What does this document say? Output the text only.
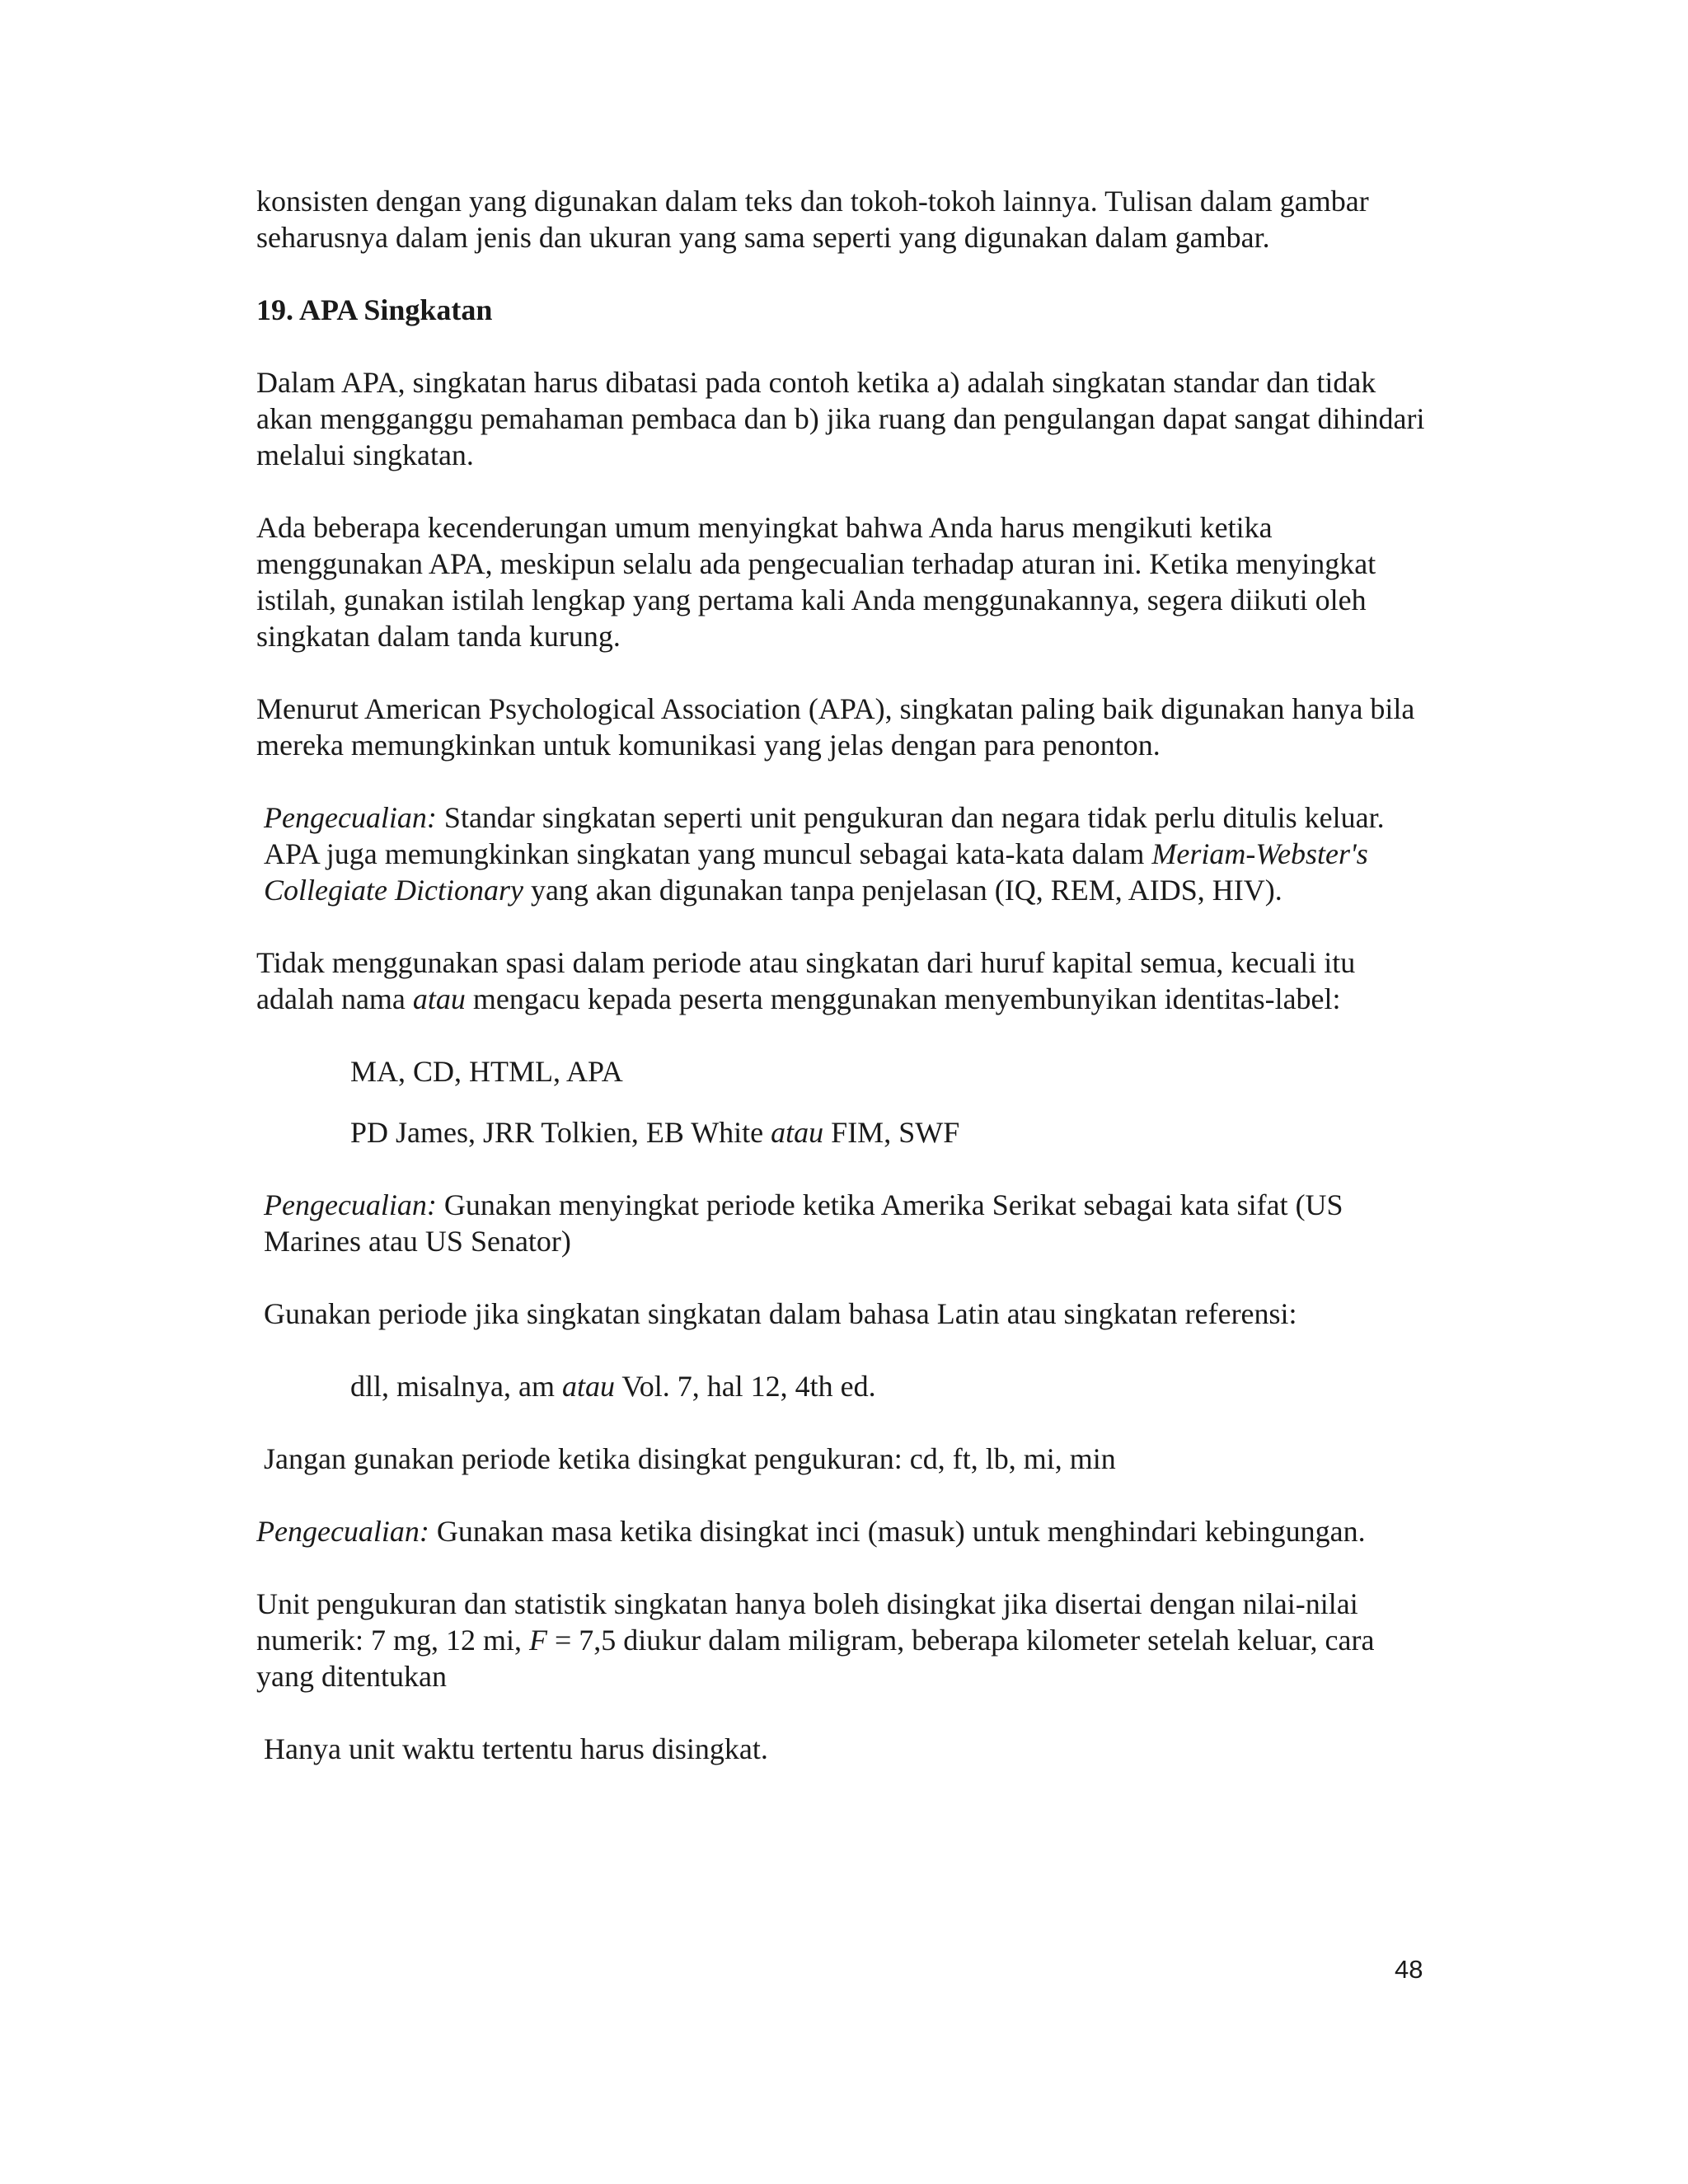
konsisten dengan yang digunakan dalam teks dan tokoh-tokoh lainnya. Tulisan dalam gambar seharusnya dalam jenis dan ukuran yang sama seperti yang digunakan dalam gambar.

19. APA Singkatan

Dalam APA, singkatan harus dibatasi pada contoh ketika a) adalah singkatan standar dan tidak akan mengganggu pemahaman pembaca dan b) jika ruang dan pengulangan dapat sangat dihindari melalui singkatan.

Ada beberapa kecenderungan umum menyingkat bahwa Anda harus mengikuti ketika menggunakan APA, meskipun selalu ada pengecualian terhadap aturan ini. Ketika menyingkat istilah, gunakan istilah lengkap yang pertama kali Anda menggunakannya, segera diikuti oleh singkatan dalam tanda kurung.

Menurut American Psychological Association (APA), singkatan paling baik digunakan hanya bila mereka memungkinkan untuk komunikasi yang jelas dengan para penonton.

Pengecualian: Standar singkatan seperti unit pengukuran dan negara tidak perlu ditulis keluar. APA juga memungkinkan singkatan yang muncul sebagai kata-kata dalam Meriam-Webster's Collegiate Dictionary yang akan digunakan tanpa penjelasan (IQ, REM, AIDS, HIV).

Tidak menggunakan spasi dalam periode atau singkatan dari huruf kapital semua, kecuali itu adalah nama atau mengacu kepada peserta menggunakan menyembunyikan identitas-label:

MA, CD, HTML, APA

PD James, JRR Tolkien, EB White atau FIM, SWF

Pengecualian: Gunakan menyingkat periode ketika Amerika Serikat sebagai kata sifat (US Marines atau US Senator)

Gunakan periode jika singkatan singkatan dalam bahasa Latin atau singkatan referensi:

dll, misalnya, am atau Vol. 7, hal 12, 4th ed.

Jangan gunakan periode ketika disingkat pengukuran: cd, ft, lb, mi, min

Pengecualian: Gunakan masa ketika disingkat inci (masuk) untuk menghindari kebingungan.

Unit pengukuran dan statistik singkatan hanya boleh disingkat jika disertai dengan nilai-nilai numerik: 7 mg, 12 mi, F = 7,5 diukur dalam miligram, beberapa kilometer setelah keluar, cara yang ditentukan

Hanya unit waktu tertentu harus disingkat.

48
